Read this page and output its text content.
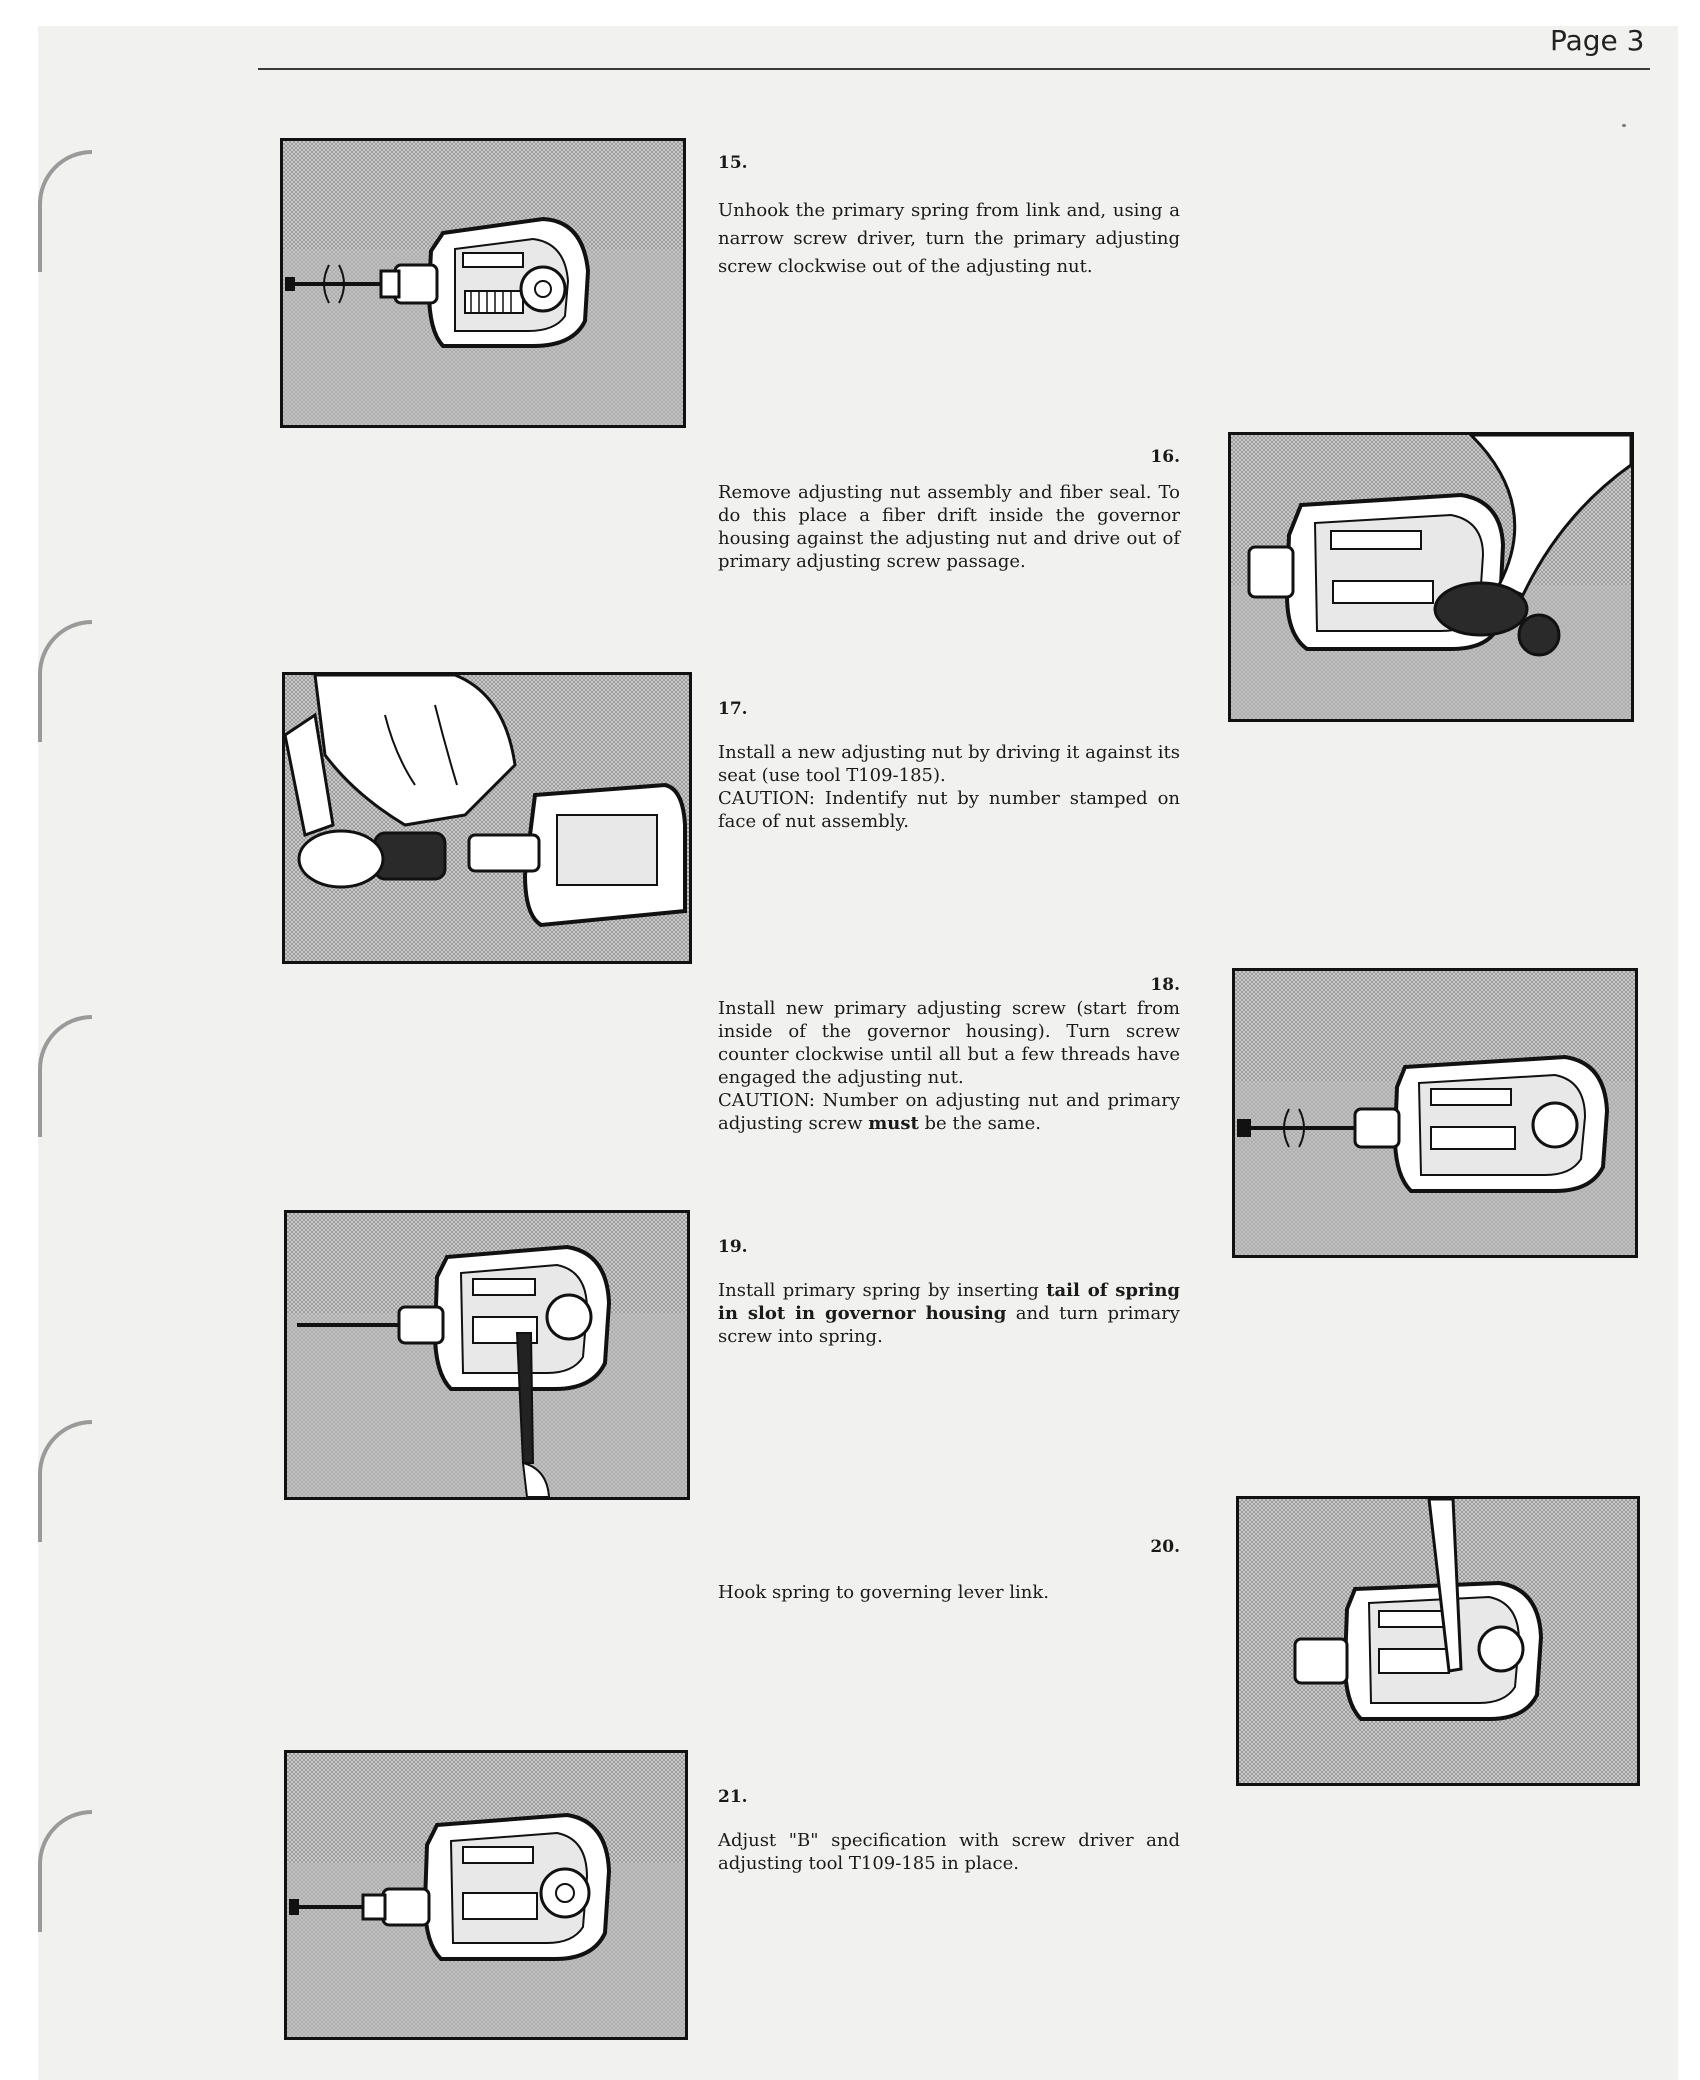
Page 3
15.

Unhook the primary spring from link and, using a narrow screw driver, turn the primary adjusting screw clockwise out of the adjusting nut.

16.

Remove adjusting nut assembly and fiber seal. To do this place a fiber drift inside the governor housing against the adjusting nut and drive out of primary adjusting screw passage.

17.

Install a new adjusting nut by driving it against its seat (use tool T109-185).

CAUTION: Indentify nut by number stamped on face of nut assembly.

18.

Install new primary adjusting screw (start from inside of the governor housing). Turn screw counter clockwise until all but a few threads have engaged the adjusting nut.

CAUTION: Number on adjusting nut and primary adjusting screw must be the same.

19.

Install primary spring by inserting tail of spring in slot in governor housing and turn primary screw into spring.

20.

Hook spring to governing lever link.

21.

Adjust "B" specification with screw driver and adjusting tool T109-185 in place.
